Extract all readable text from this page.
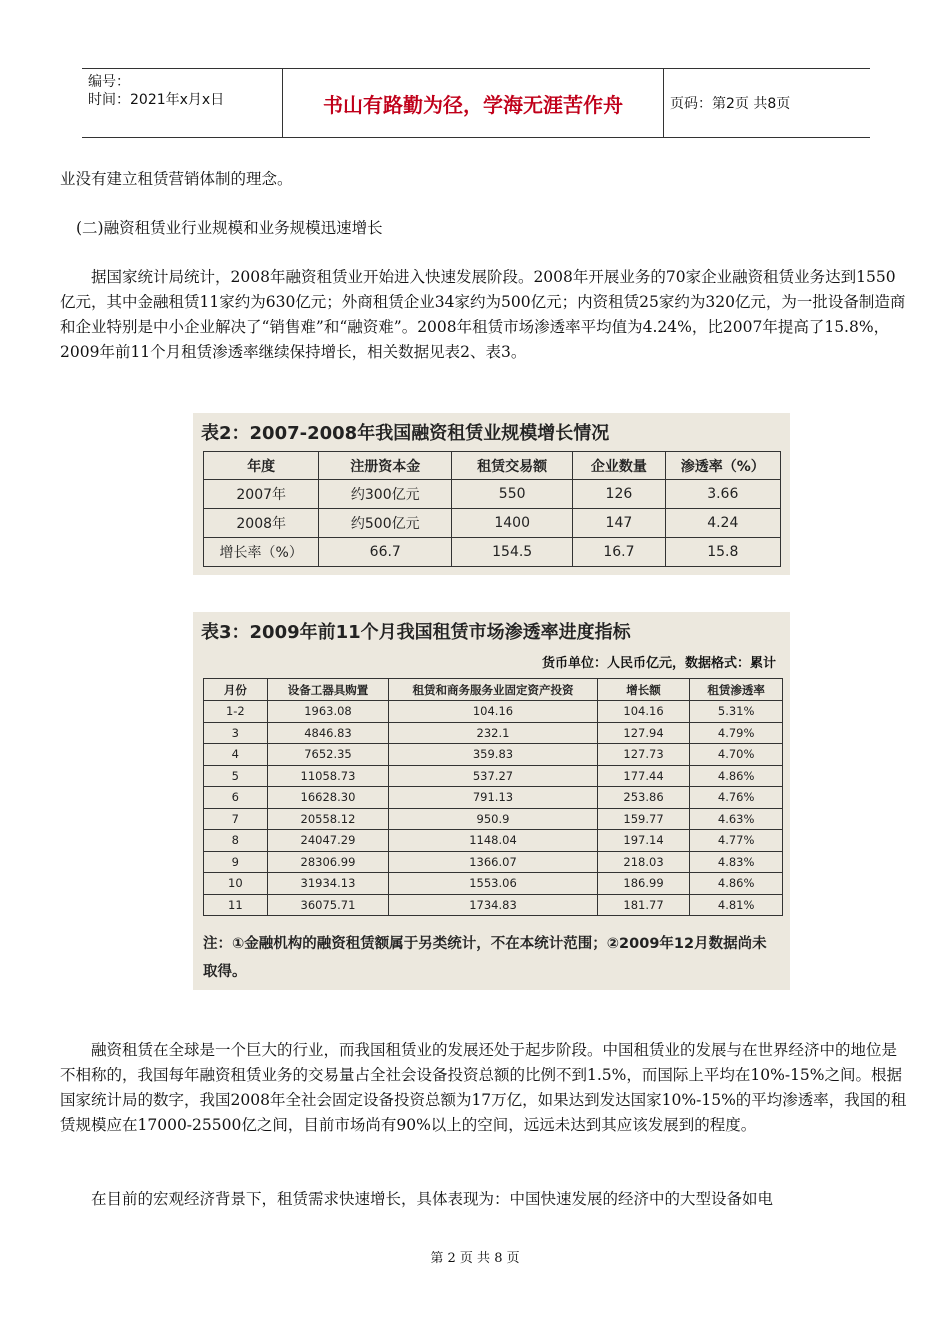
编号：
时间：2021年x月x日	书山有路勤为径，学海无涯苦作舟	页码：第2页 共8页

业没有建立租赁营销体制的理念。

(二)融资租赁业行业规模和业务规模迅速增长

据国家统计局统计，2008年融资租赁业开始进入快速发展阶段。2008年开展业务的70家企业融资租赁业务达到1550亿元，其中金融租赁11家约为630亿元；外商租赁企业34家约为500亿元；内资租赁25家约为320亿元，为一批设备制造商和企业特别是中小企业解决了“销售难”和“融资难”。2008年租赁市场渗透率平均值为4.24%，比2007年提高了15.8%，2009年前11个月租赁渗透率继续保持增长，相关数据见表2、表3。

表2：2007-2008年我国融资租赁业规模增长情况
年度	注册资本金	租赁交易额	企业数量	渗透率（%）
2007年	约300亿元	550	126	3.66
2008年	约500亿元	1400	147	4.24
增长率（%）	66.7	154.5	16.7	15.8
表3：2009年前11个月我国租赁市场渗透率进度指标
货币单位：人民币亿元，数据格式：累计
月份	设备工器具购置	租赁和商务服务业固定资产投资	增长额	租赁渗透率
1-2	1963.08	104.16	104.16	5.31%
3	4846.83	232.1	127.94	4.79%
4	7652.35	359.83	127.73	4.70%
5	11058.73	537.27	177.44	4.86%
6	16628.30	791.13	253.86	4.76%
7	20558.12	950.9	159.77	4.63%
8	24047.29	1148.04	197.14	4.77%
9	28306.99	1366.07	218.03	4.83%
10	31934.13	1553.06	186.99	4.86%
11	36075.71	1734.83	181.77	4.81%
注：①金融机构的融资租赁额属于另类统计，不在本统计范围；②2009年12月数据尚未取得。

融资租赁在全球是一个巨大的行业，而我国租赁业的发展还处于起步阶段。中国租赁业的发展与在世界经济中的地位是不相称的，我国每年融资租赁业务的交易量占全社会设备投资总额的比例不到1.5%，而国际上平均在10%-15%之间。根据国家统计局的数字，我国2008年全社会固定设备投资总额为17万亿，如果达到发达国家10%-15%的平均渗透率，我国的租赁规模应在17000-25500亿之间，目前市场尚有90%以上的空间，远远未达到其应该发展到的程度。

在目前的宏观经济背景下，租赁需求快速增长，具体表现为：中国快速发展的经济中的大型设备如电

第 2 页 共 8 页
